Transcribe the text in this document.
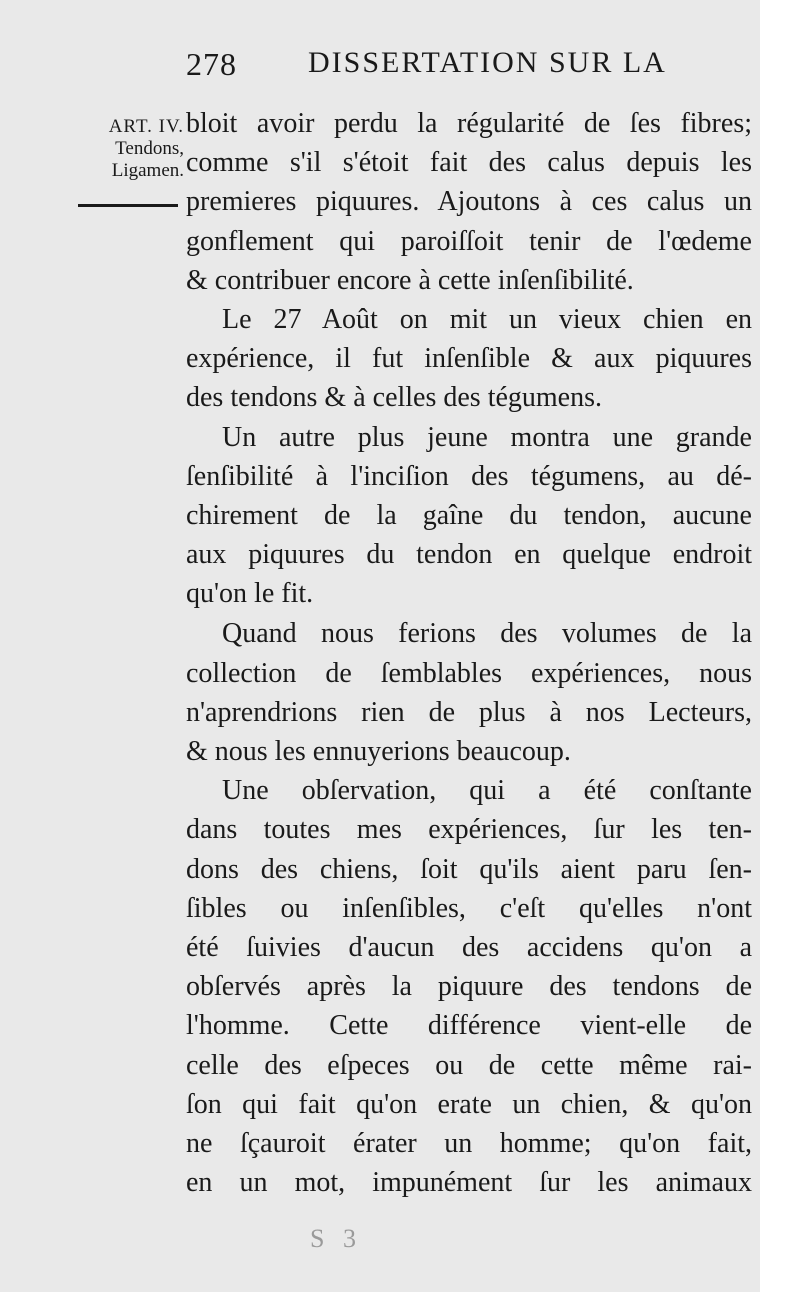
278 DISSERTATION SUR LA
ART. IV.
Tendons,
Ligamen.
bloit avoir perdu la régularité de ſes fibres;
comme s'il s'étoit fait des calus depuis les
premieres piquures. Ajoutons à ces calus un
gonflement qui paroiſſoit tenir de l'œdeme
& contribuer encore à cette inſenſibilité.
Le 27 Août on mit un vieux chien en
expérience, il fut inſenſible & aux piquures
des tendons & à celles des tégumens.
Un autre plus jeune montra une grande
ſenſibilité à l'inciſion des tégumens, au dé-
chirement de la gaîne du tendon, aucune
aux piquures du tendon en quelque endroit
qu'on le fit.
Quand nous ferions des volumes de la
collection de ſemblables expériences, nous
n'aprendrions rien de plus à nos Lecteurs,
& nous les ennuyerions beaucoup.
Une obſervation, qui a été conſtante
dans toutes mes expériences, ſur les ten-
dons des chiens, ſoit qu'ils aient paru ſen-
ſibles ou inſenſibles, c'eſt qu'elles n'ont
été ſuivies d'aucun des accidens qu'on a
obſervés après la piquure des tendons de
l'homme. Cette différence vient-elle de
celle des eſpeces ou de cette même rai-
ſon qui fait qu'on erate un chien, & qu'on
ne ſçauroit érater un homme; qu'on fait,
en un mot, impunément ſur les animaux
S 3
